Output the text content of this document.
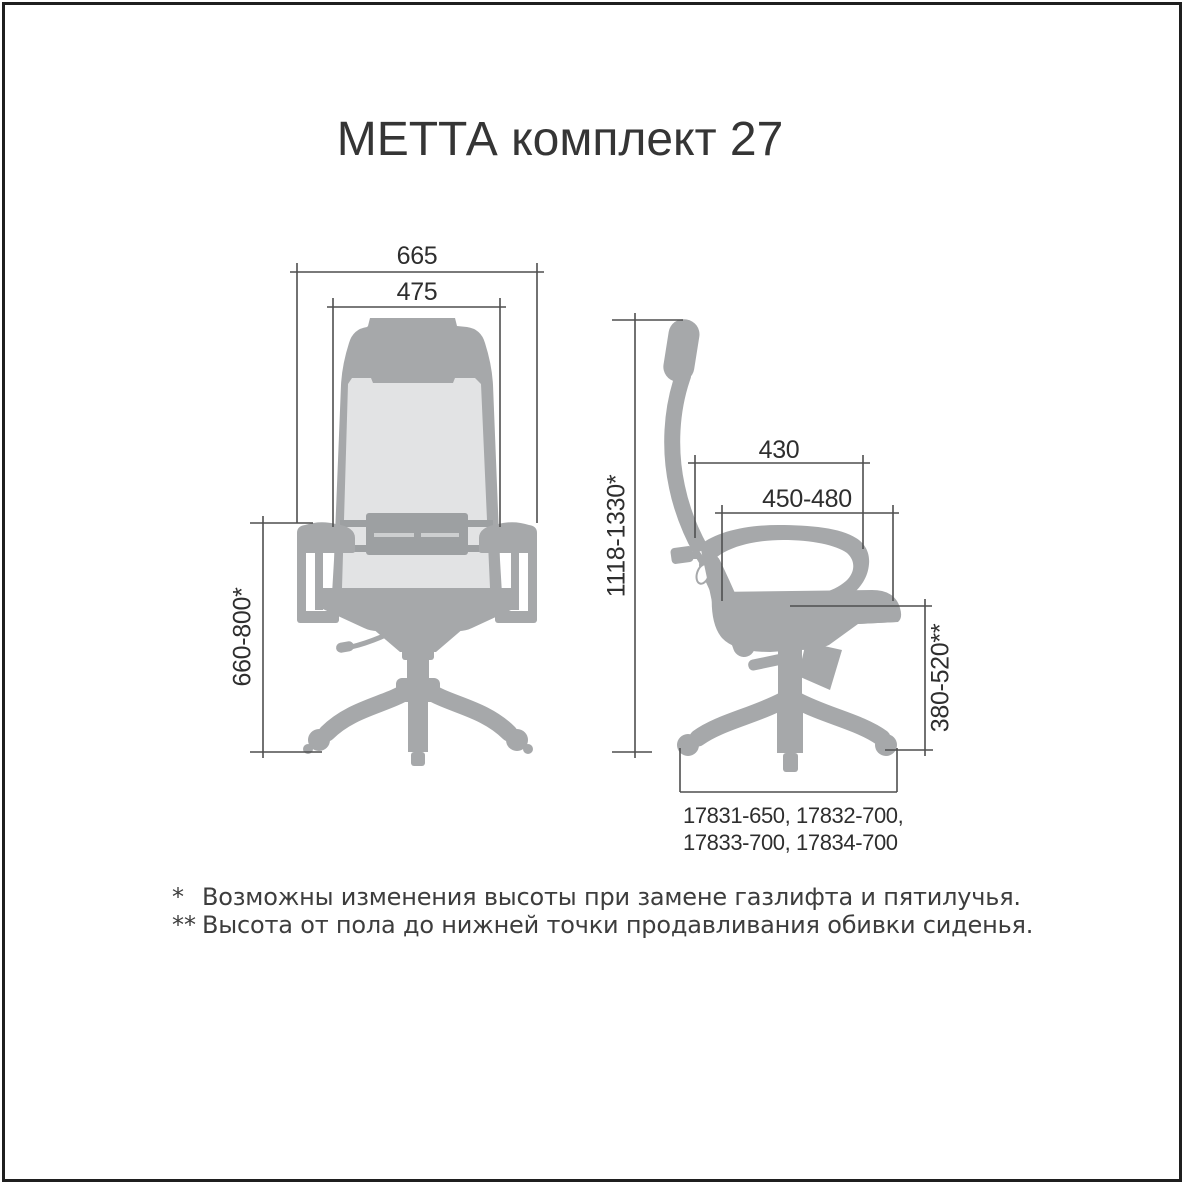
МЕТТА комплект 27
665
475
660-800*
1118-1330*
430
450-480
380-520**
17831-650, 17832-700,
17833-700, 17834-700
* Возможны изменения высоты при замене газлифта и пятилучья.
** Высота от пола до нижней точки продавливания обивки сиденья.
